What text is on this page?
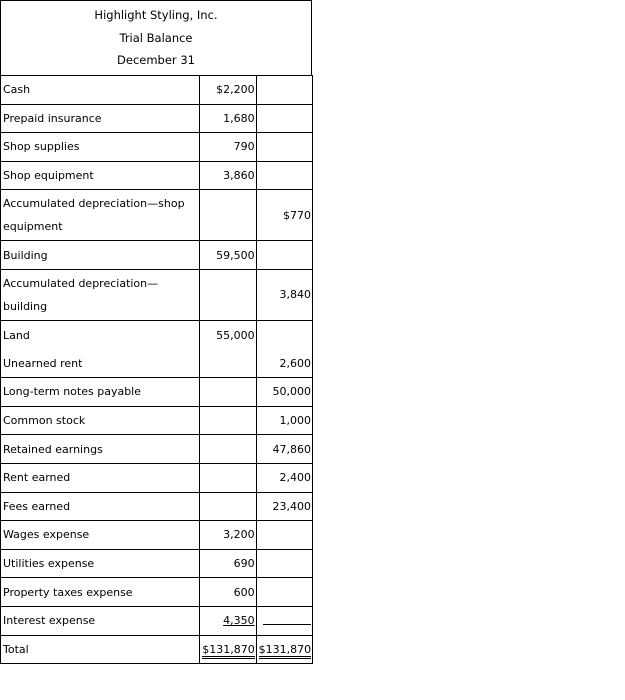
Highlight Styling, Inc.
Trial Balance
December 31
Cash	$2,200	
Prepaid insurance	1,680	
Shop supplies	790	
Shop equipment	3,860	

Accumulated depreciation—shop
equipment		$770
Building	59,500	

Accumulated depreciation—
building		3,840
Land	55,000	
Unearned rent		2,600
Long-term notes payable		50,000
Common stock		1,000
Retained earnings		47,860
Rent earned		2,400
Fees earned		23,400
Wages expense	3,200	
Utilities expense	690	
Property taxes expense	600	
Interest expense	4,350	
Total	$131,870	$131,870
